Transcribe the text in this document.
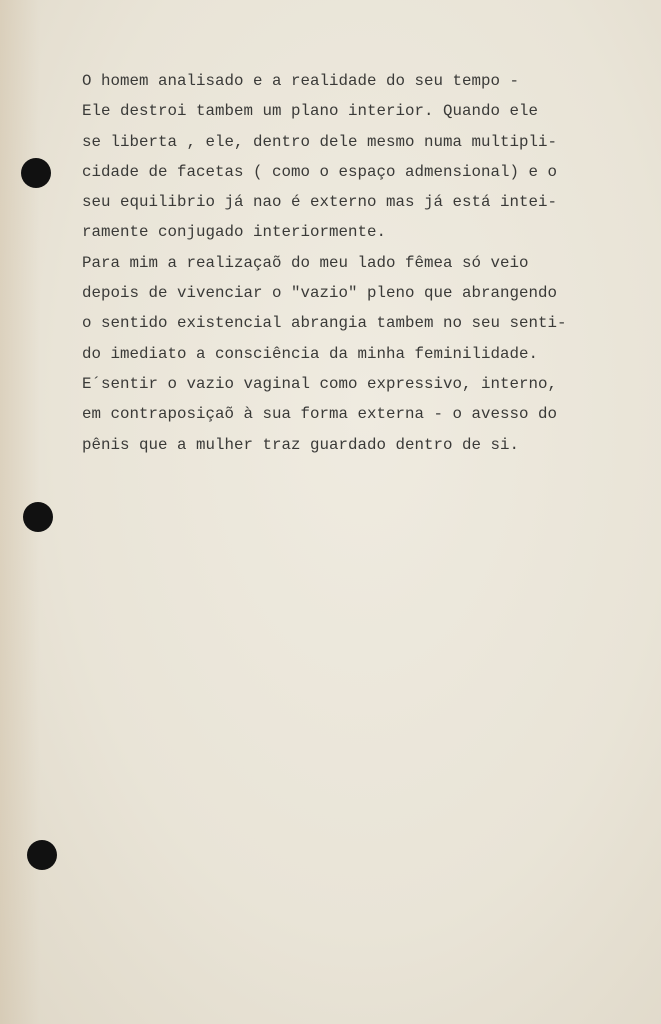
O homem analisado e a realidade do seu tempo -
Ele destroi tambem um plano interior. Quando ele
se liberta , ele, dentro dele mesmo numa multipli-
cidade de facetas ( como o espaço admensional) e o
seu equilibrio já nao é externo mas já está intei-
ramente conjugado interiormente.
Para mim a realizaçaõ do meu lado fêmea só veio
depois de vivenciar o "vazio" pleno que abrangendo
o sentido existencial abrangia tambem no seu senti-
do imediato a consciência da minha feminilidade.
E´sentir o vazio vaginal como expressivo, interno,
em contraposiçaõ à sua forma externa - o avesso do
pênis que a mulher traz guardado dentro de si.
